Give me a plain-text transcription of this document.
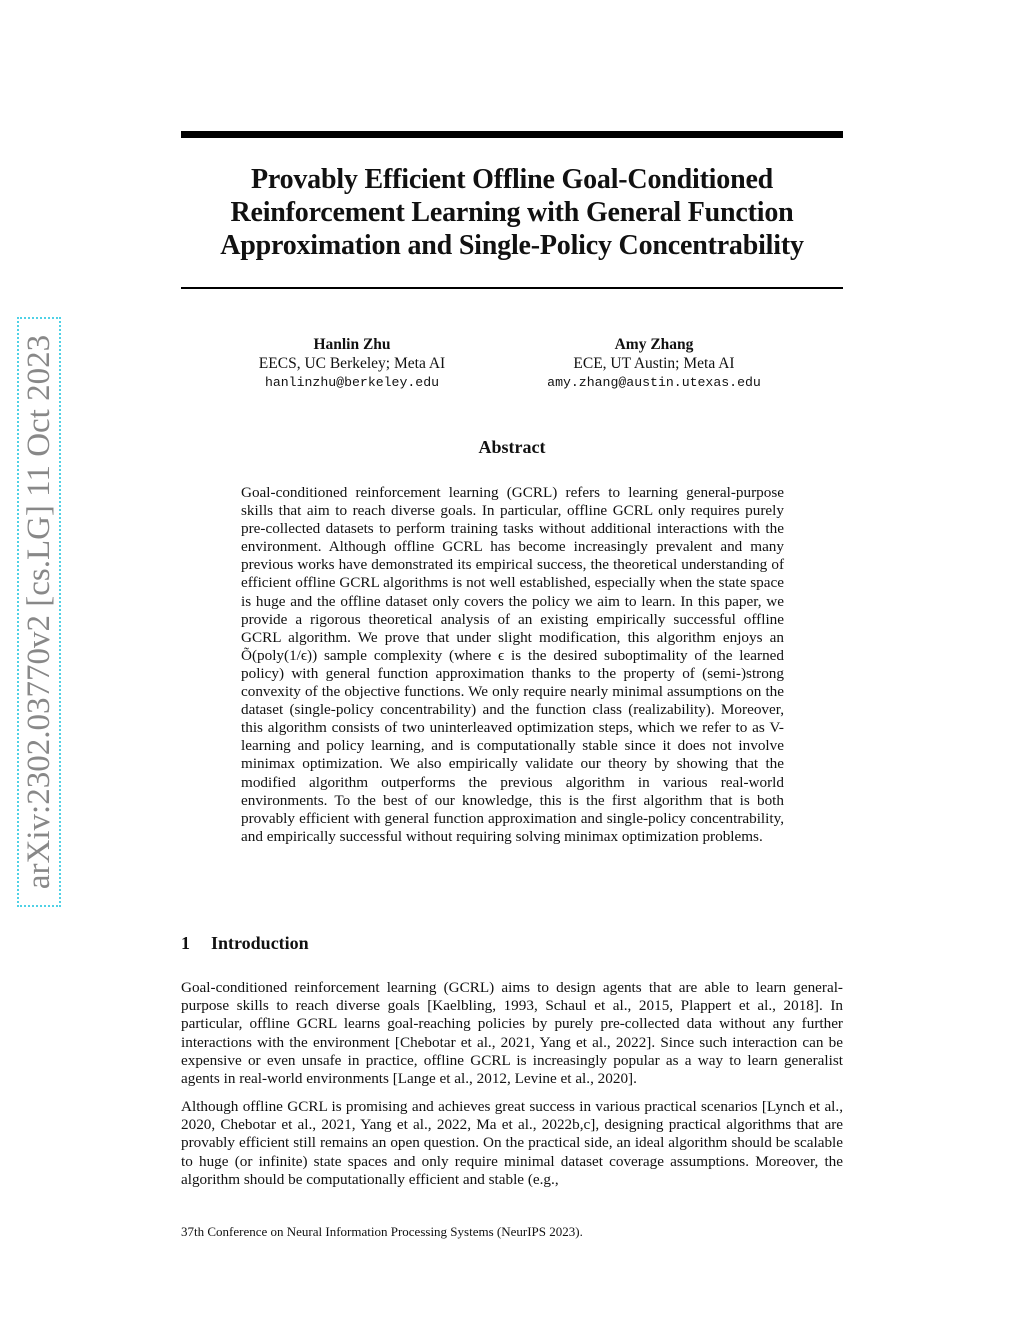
arXiv:2302.03770v2 [cs.LG] 11 Oct 2023
Provably Efficient Offline Goal-Conditioned
Reinforcement Learning with General Function
Approximation and Single-Policy Concentrability
Hanlin Zhu
EECS, UC Berkeley; Meta AI
hanlinzhu@berkeley.edu
Amy Zhang
ECE, UT Austin; Meta AI
amy.zhang@austin.utexas.edu
Abstract

Goal-conditioned reinforcement learning (GCRL) refers to learning general-purpose skills that aim to reach diverse goals. In particular, offline GCRL only requires purely pre-collected datasets to perform training tasks without additional interactions with the environment. Although offline GCRL has become increasingly prevalent and many previous works have demonstrated its empirical success, the theoretical understanding of efficient offline GCRL algorithms is not well established, especially when the state space is huge and the offline dataset only covers the policy we aim to learn. In this paper, we provide a rigorous theoretical analysis of an existing empirically successful offline GCRL algorithm. We prove that under slight modification, this algorithm enjoys an Õ(poly(1/ϵ)) sample complexity (where ϵ is the desired suboptimality of the learned policy) with general function approximation thanks to the property of (semi-)strong convexity of the objective functions. We only require nearly minimal assumptions on the dataset (single-policy concentrability) and the function class (realizability). Moreover, this algorithm consists of two uninterleaved optimization steps, which we refer to as V-learning and policy learning, and is computationally stable since it does not involve minimax optimization. We also empirically validate our theory by showing that the modified algorithm outperforms the previous algorithm in various real-world environments. To the best of our knowledge, this is the first algorithm that is both provably efficient with general function approximation and single-policy concentrability, and empirically successful without requiring solving minimax optimization problems.

1 Introduction

Goal-conditioned reinforcement learning (GCRL) aims to design agents that are able to learn general-purpose skills to reach diverse goals [Kaelbling, 1993, Schaul et al., 2015, Plappert et al., 2018]. In particular, offline GCRL learns goal-reaching policies by purely pre-collected data without any further interactions with the environment [Chebotar et al., 2021, Yang et al., 2022]. Since such interaction can be expensive or even unsafe in practice, offline GCRL is increasingly popular as a way to learn generalist agents in real-world environments [Lange et al., 2012, Levine et al., 2020].

Although offline GCRL is promising and achieves great success in various practical scenarios [Lynch et al., 2020, Chebotar et al., 2021, Yang et al., 2022, Ma et al., 2022b,c], designing practical algorithms that are provably efficient still remains an open question. On the practical side, an ideal algorithm should be scalable to huge (or infinite) state spaces and only require minimal dataset coverage assumptions. Moreover, the algorithm should be computationally efficient and stable (e.g.,

37th Conference on Neural Information Processing Systems (NeurIPS 2023).
